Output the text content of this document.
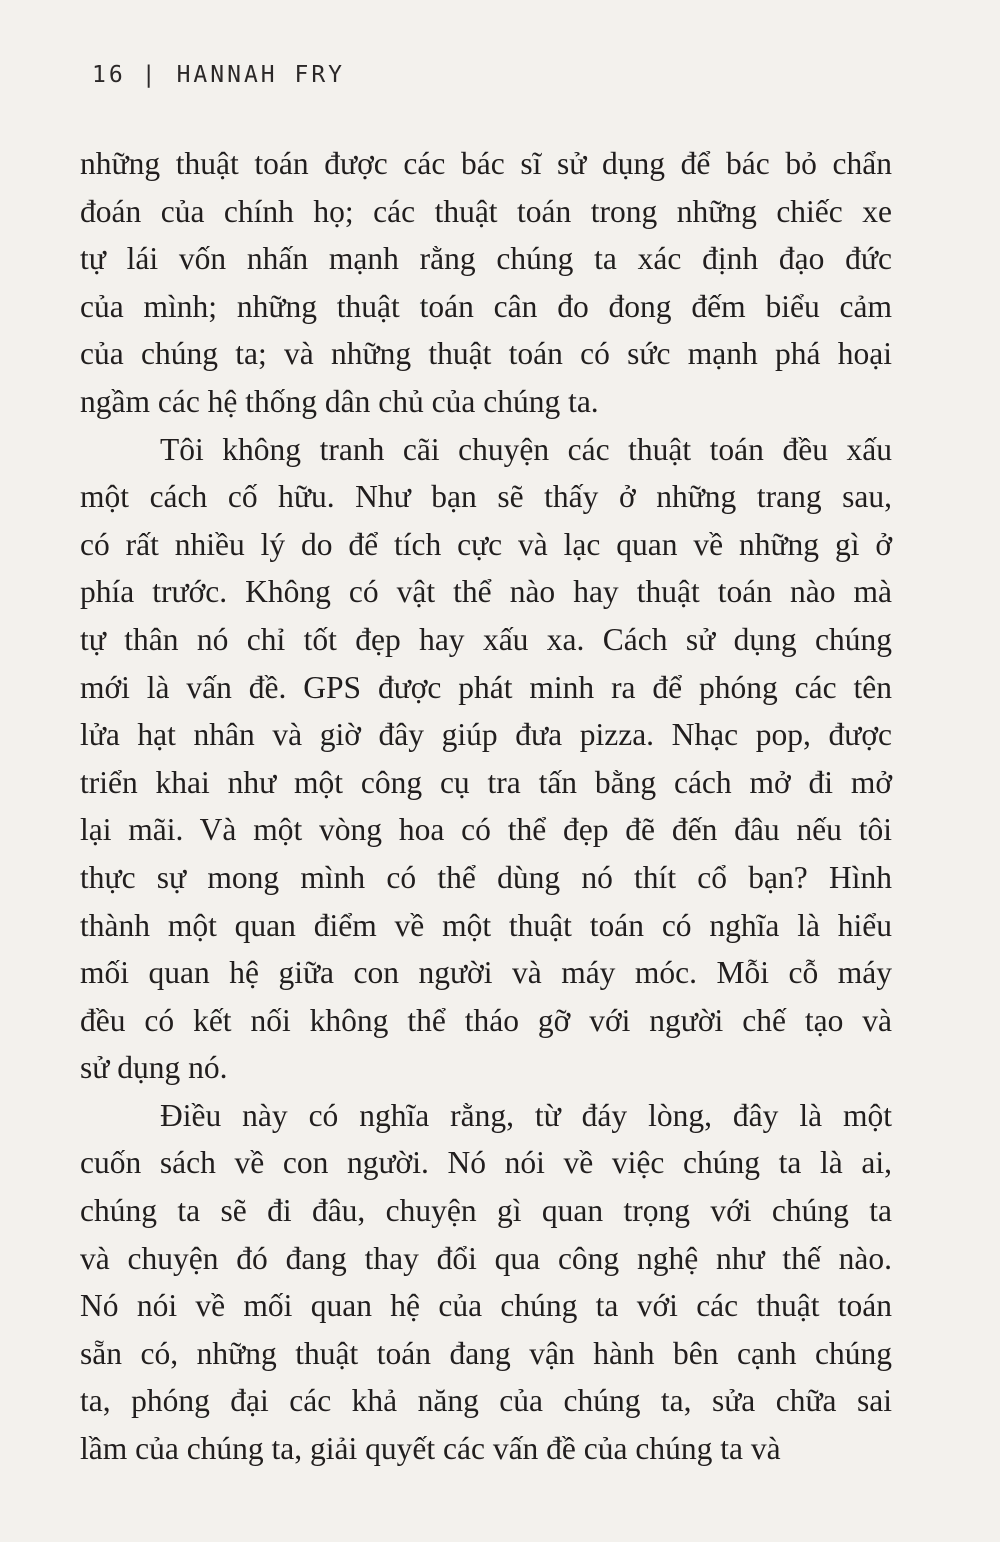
16 | HANNAH FRY
những thuật toán được các bác sĩ sử dụng để bác bỏ chẩn
đoán của chính họ; các thuật toán trong những chiếc xe
tự lái vốn nhấn mạnh rằng chúng ta xác định đạo đức
của mình; những thuật toán cân đo đong đếm biểu cảm
của chúng ta; và những thuật toán có sức mạnh phá hoại
ngầm các hệ thống dân chủ của chúng ta.
Tôi không tranh cãi chuyện các thuật toán đều xấu
một cách cố hữu. Như bạn sẽ thấy ở những trang sau,
có rất nhiều lý do để tích cực và lạc quan về những gì ở
phía trước. Không có vật thể nào hay thuật toán nào mà
tự thân nó chỉ tốt đẹp hay xấu xa. Cách sử dụng chúng
mới là vấn đề. GPS được phát minh ra để phóng các tên
lửa hạt nhân và giờ đây giúp đưa pizza. Nhạc pop, được
triển khai như một công cụ tra tấn bằng cách mở đi mở
lại mãi. Và một vòng hoa có thể đẹp đẽ đến đâu nếu tôi
thực sự mong mình có thể dùng nó thít cổ bạn? Hình
thành một quan điểm về một thuật toán có nghĩa là hiểu
mối quan hệ giữa con người và máy móc. Mỗi cỗ máy
đều có kết nối không thể tháo gỡ với người chế tạo và
sử dụng nó.
Điều này có nghĩa rằng, từ đáy lòng, đây là một
cuốn sách về con người. Nó nói về việc chúng ta là ai,
chúng ta sẽ đi đâu, chuyện gì quan trọng với chúng ta
và chuyện đó đang thay đổi qua công nghệ như thế nào.
Nó nói về mối quan hệ của chúng ta với các thuật toán
sẵn có, những thuật toán đang vận hành bên cạnh chúng
ta, phóng đại các khả năng của chúng ta, sửa chữa sai
lầm của chúng ta, giải quyết các vấn đề của chúng ta và
